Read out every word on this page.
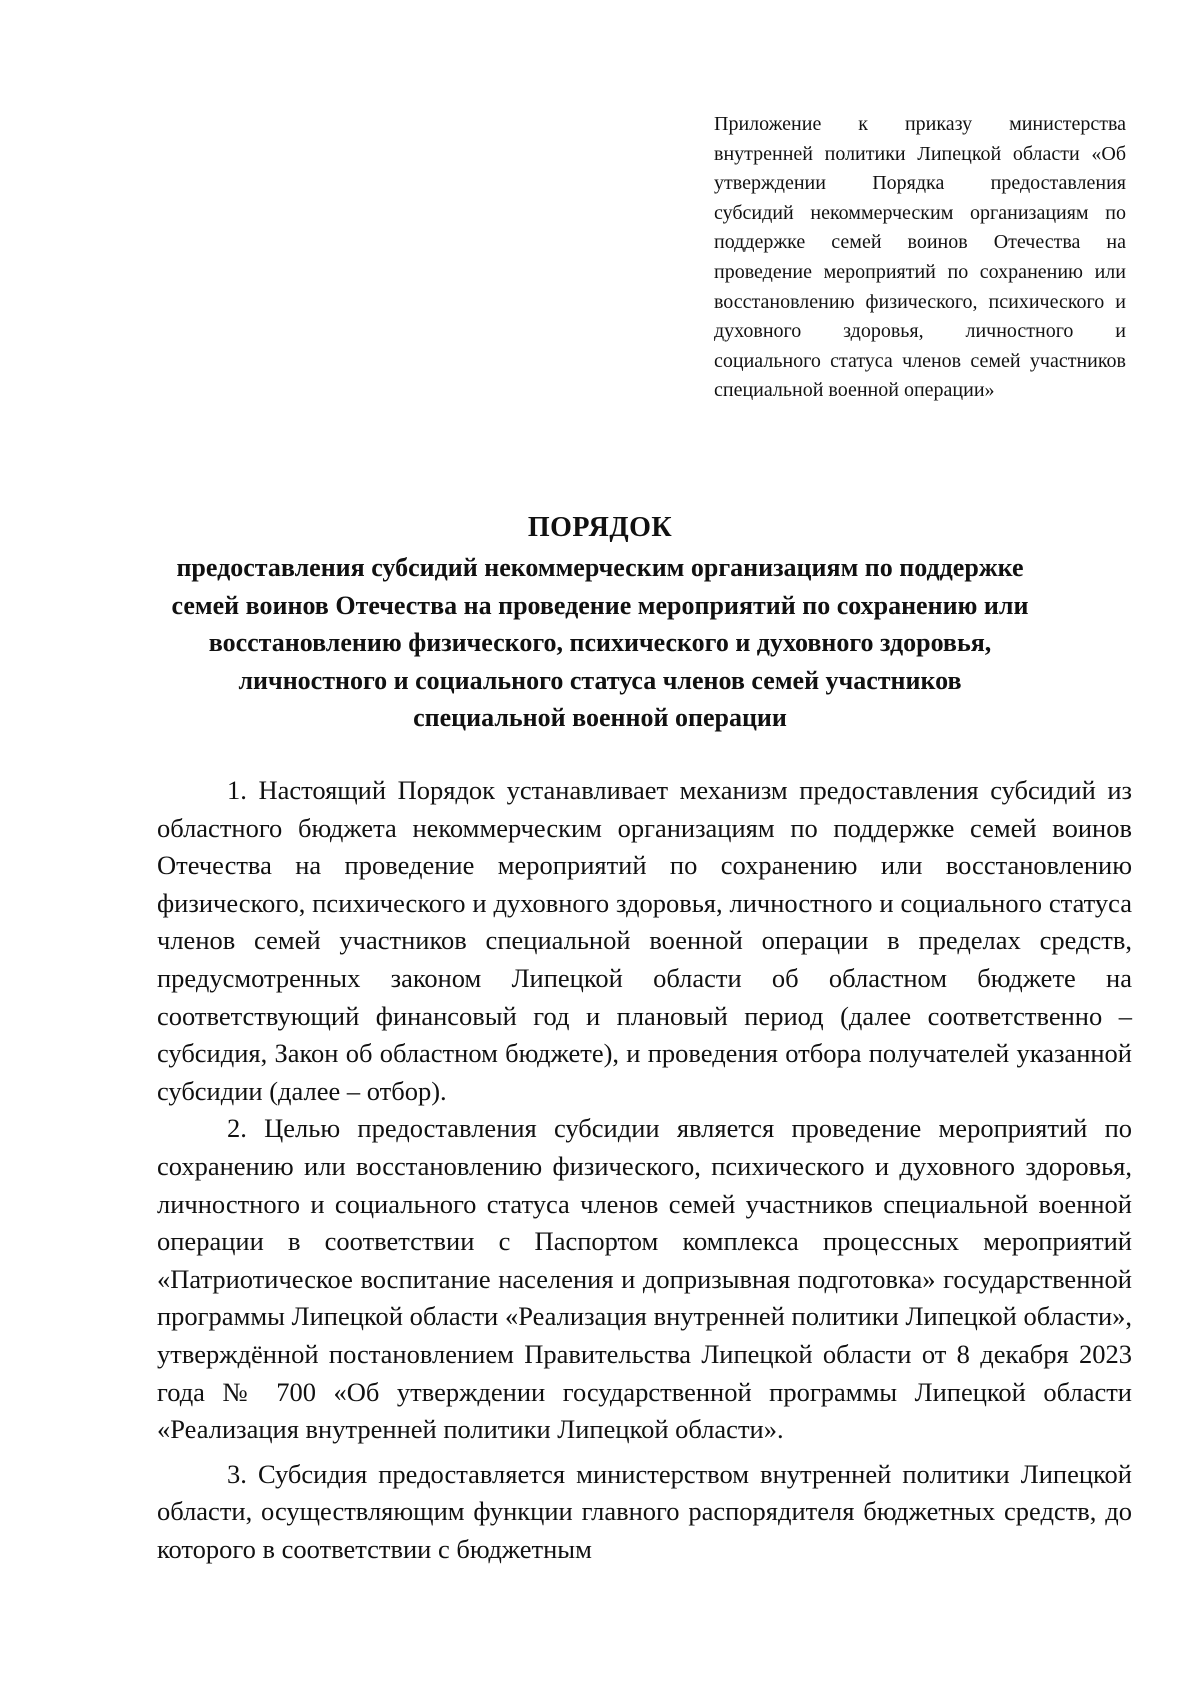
Приложение к приказу министерства внутренней политики Липецкой области «Об утверждении Порядка предоставления субсидий некоммерческим организациям по поддержке семей воинов Отечества на проведение мероприятий по сохранению или восстановлению физического, психического и духовного здоровья, личностного и социального статуса членов семей участников специальной военной операции»
ПОРЯДОК
предоставления субсидий некоммерческим организациям по поддержке семей воинов Отечества на проведение мероприятий по сохранению или восстановлению физического, психического и духовного здоровья, личностного и социального статуса членов семей участников специальной военной операции

1. Настоящий Порядок устанавливает механизм предоставления субсидий из областного бюджета некоммерческим организациям по поддержке семей воинов Отечества на проведение мероприятий по сохранению или восстановлению физического, психического и духовного здоровья, личностного и социального статуса членов семей участников специальной военной операции в пределах средств, предусмотренных законом Липецкой области об областном бюджете на соответствующий финансовый год и плановый период (далее соответственно – субсидия, Закон об областном бюджете), и проведения отбора получателей указанной субсидии (далее – отбор).

2. Целью предоставления субсидии является проведение мероприятий по сохранению или восстановлению физического, психического и духовного здоровья, личностного и социального статуса членов семей участников специальной военной операции в соответствии с Паспортом комплекса процессных мероприятий «Патриотическое воспитание населения и допризывная подготовка» государственной программы Липецкой области «Реализация внутренней политики Липецкой области», утверждённой постановлением Правительства Липецкой области от 8 декабря 2023 года № 700 «Об утверждении государственной программы Липецкой области «Реализация внутренней политики Липецкой области».

3. Субсидия предоставляется министерством внутренней политики Липецкой области, осуществляющим функции главного распорядителя бюджетных средств, до которого в соответствии с бюджетным
